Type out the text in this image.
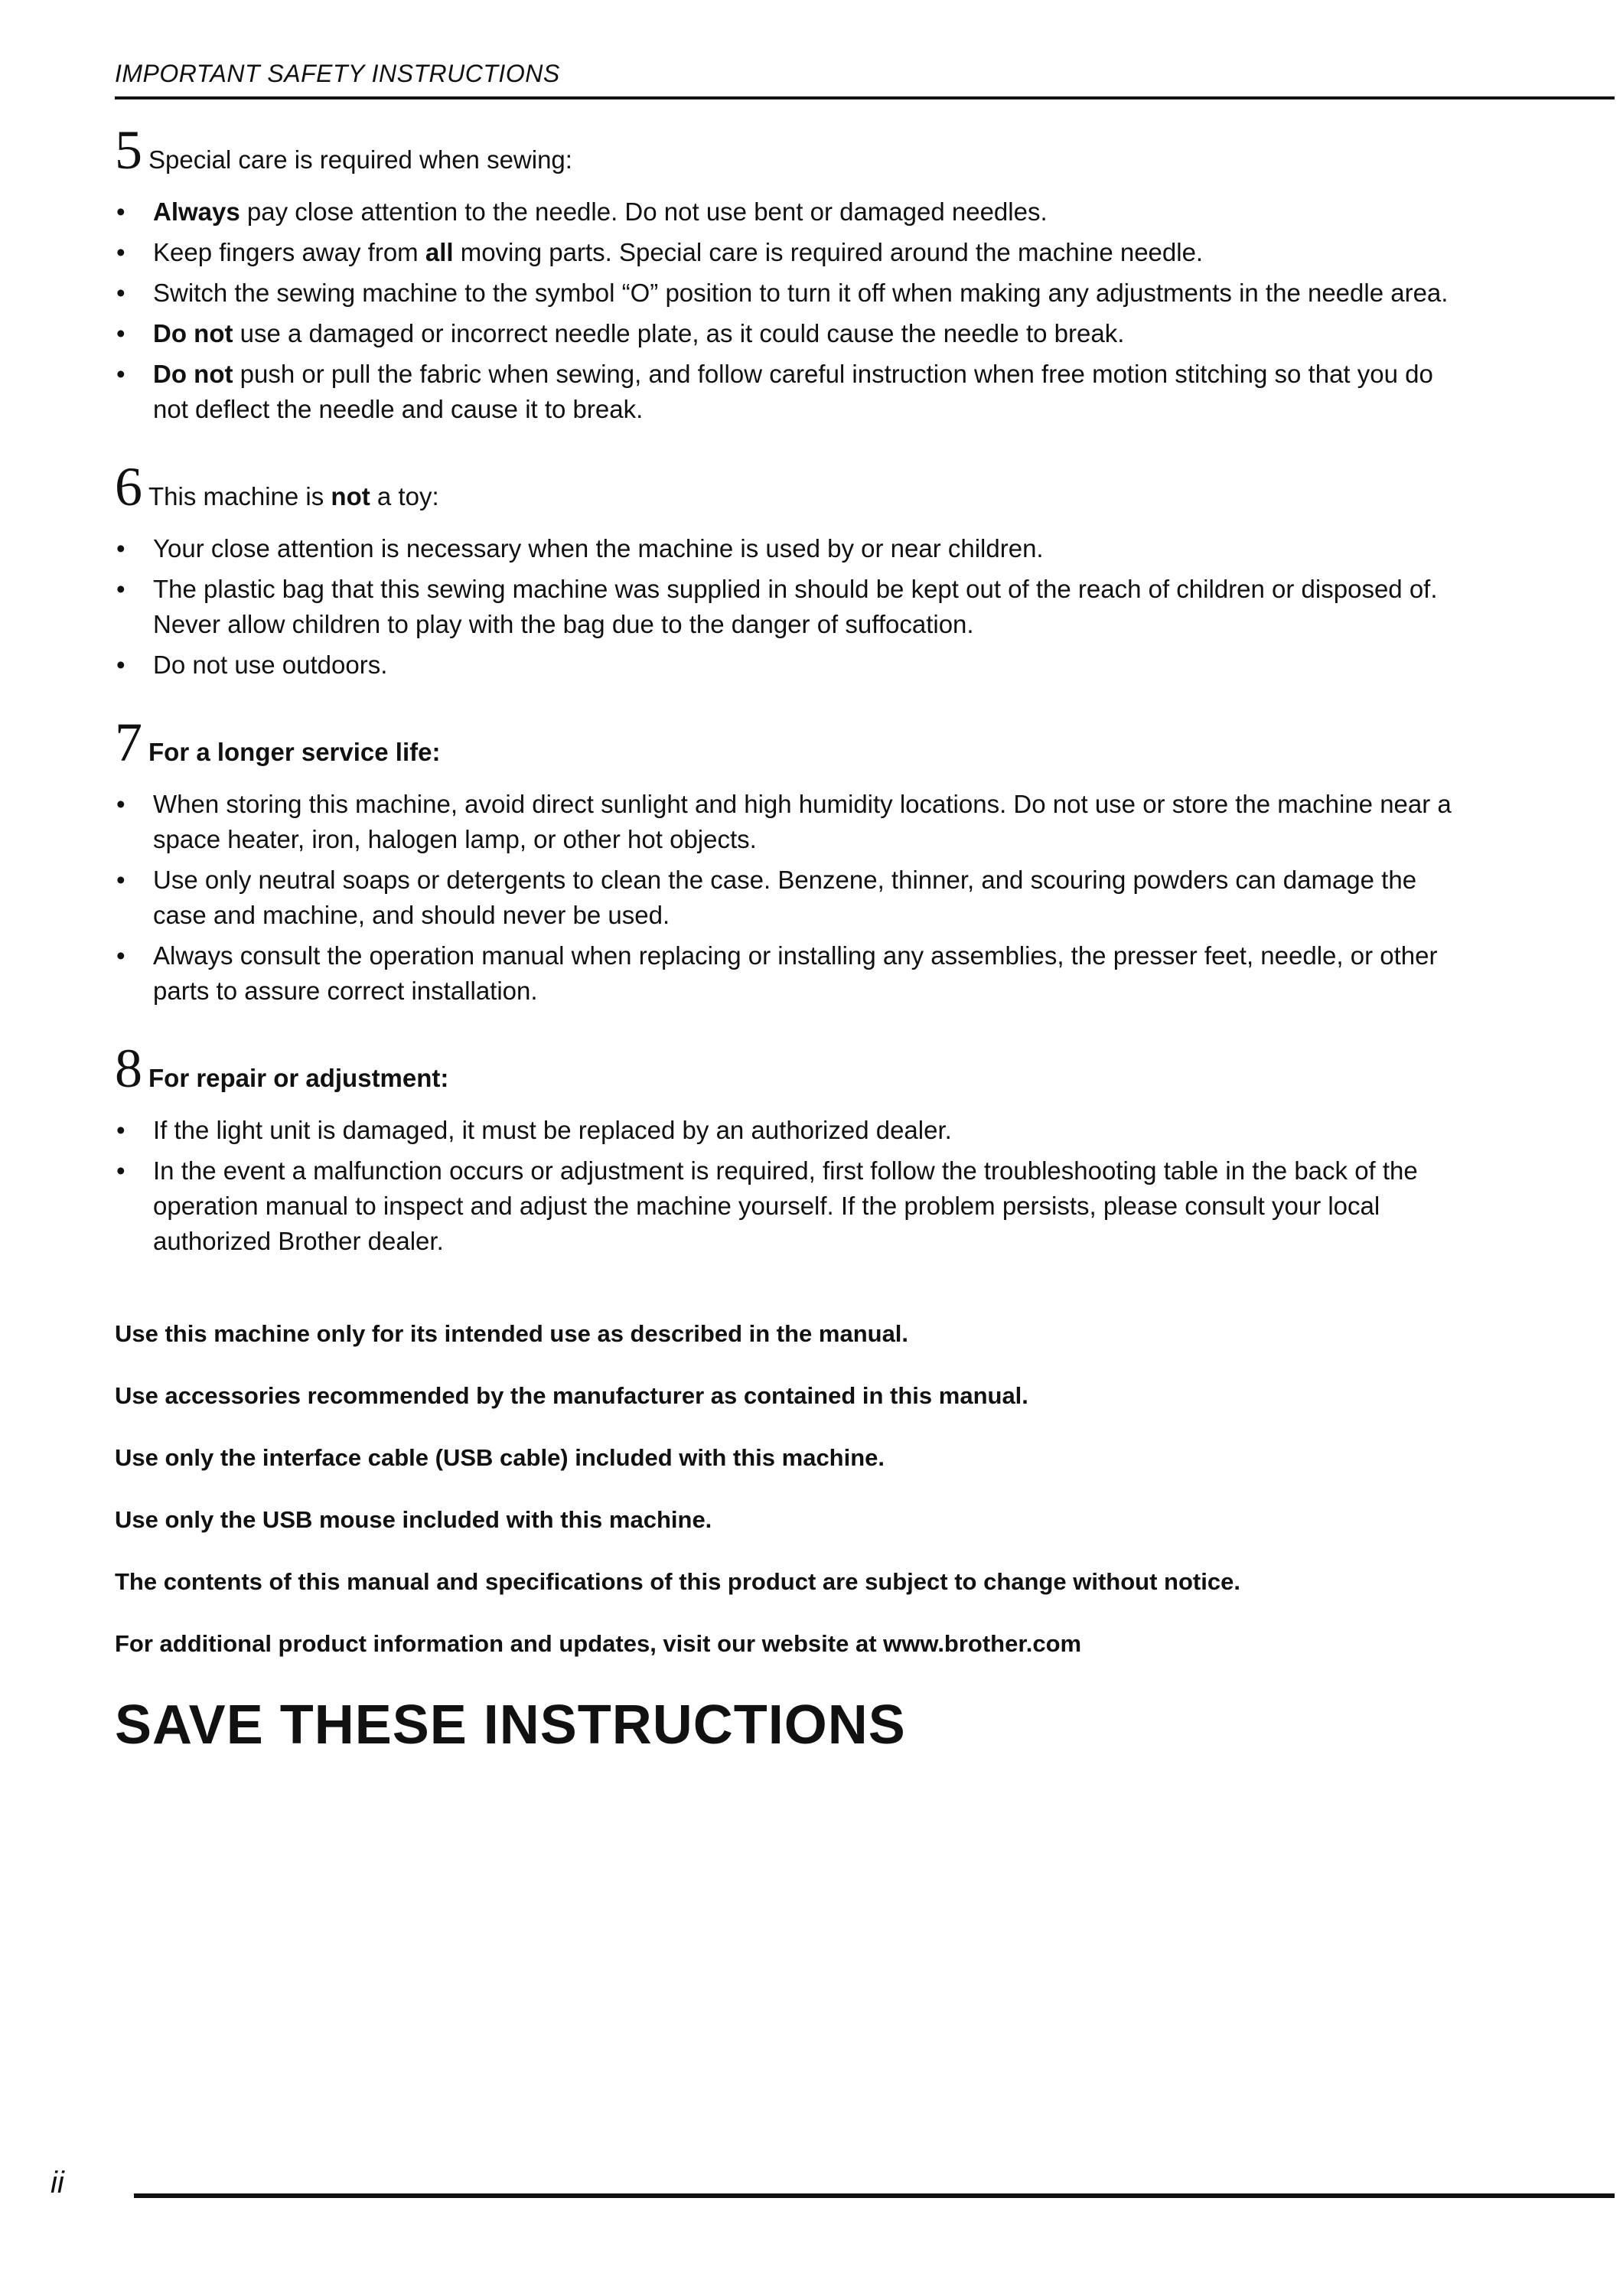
IMPORTANT SAFETY INSTRUCTIONS
5 Special care is required when sewing:
• Always pay close attention to the needle. Do not use bent or damaged needles.
• Keep fingers away from all moving parts. Special care is required around the machine needle.
• Switch the sewing machine to the symbol “O” position to turn it off when making any adjustments in the needle area.
• Do not use a damaged or incorrect needle plate, as it could cause the needle to break.
• Do not push or pull the fabric when sewing, and follow careful instruction when free motion stitching so that you do not deflect the needle and cause it to break.
6 This machine is not a toy:
• Your close attention is necessary when the machine is used by or near children.
• The plastic bag that this sewing machine was supplied in should be kept out of the reach of children or disposed of. Never allow children to play with the bag due to the danger of suffocation.
• Do not use outdoors.
7 For a longer service life:
• When storing this machine, avoid direct sunlight and high humidity locations. Do not use or store the machine near a space heater, iron, halogen lamp, or other hot objects.
• Use only neutral soaps or detergents to clean the case. Benzene, thinner, and scouring powders can damage the case and machine, and should never be used.
• Always consult the operation manual when replacing or installing any assemblies, the presser feet, needle, or other parts to assure correct installation.
8 For repair or adjustment:
• If the light unit is damaged, it must be replaced by an authorized dealer.
• In the event a malfunction occurs or adjustment is required, first follow the troubleshooting table in the back of the operation manual to inspect and adjust the machine yourself. If the problem persists, please consult your local authorized Brother dealer.
Use this machine only for its intended use as described in the manual.
Use accessories recommended by the manufacturer as contained in this manual.
Use only the interface cable (USB cable) included with this machine.
Use only the USB mouse included with this machine.
The contents of this manual and specifications of this product are subject to change without notice.
For additional product information and updates, visit our website at www.brother.com
SAVE THESE INSTRUCTIONS
ii
